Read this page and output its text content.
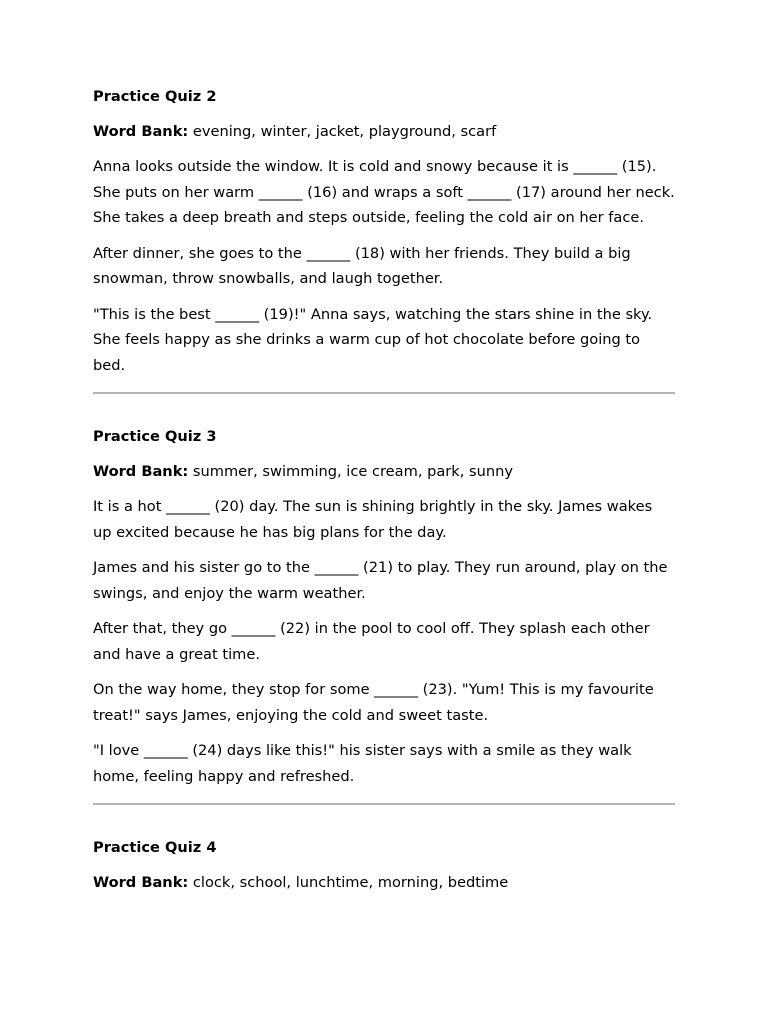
Practice Quiz 2
Word Bank: evening, winter, jacket, playground, scarf

Anna looks outside the window. It is cold and snowy because it is ______ (15). She puts on her warm ______ (16) and wraps a soft ______ (17) around her neck. She takes a deep breath and steps outside, feeling the cold air on her face.

After dinner, she goes to the ______ (18) with her friends. They build a big snowman, throw snowballs, and laugh together.

"This is the best ______ (19)!" Anna says, watching the stars shine in the sky. She feels happy as she drinks a warm cup of hot chocolate before going to bed.

Practice Quiz 3
Word Bank: summer, swimming, ice cream, park, sunny

It is a hot ______ (20) day. The sun is shining brightly in the sky. James wakes up excited because he has big plans for the day.

James and his sister go to the ______ (21) to play. They run around, play on the swings, and enjoy the warm weather.

After that, they go ______ (22) in the pool to cool off. They splash each other and have a great time.

On the way home, they stop for some ______ (23). "Yum! This is my favourite treat!" says James, enjoying the cold and sweet taste.

"I love ______ (24) days like this!" his sister says with a smile as they walk home, feeling happy and refreshed.

Practice Quiz 4
Word Bank: clock, school, lunchtime, morning, bedtime
